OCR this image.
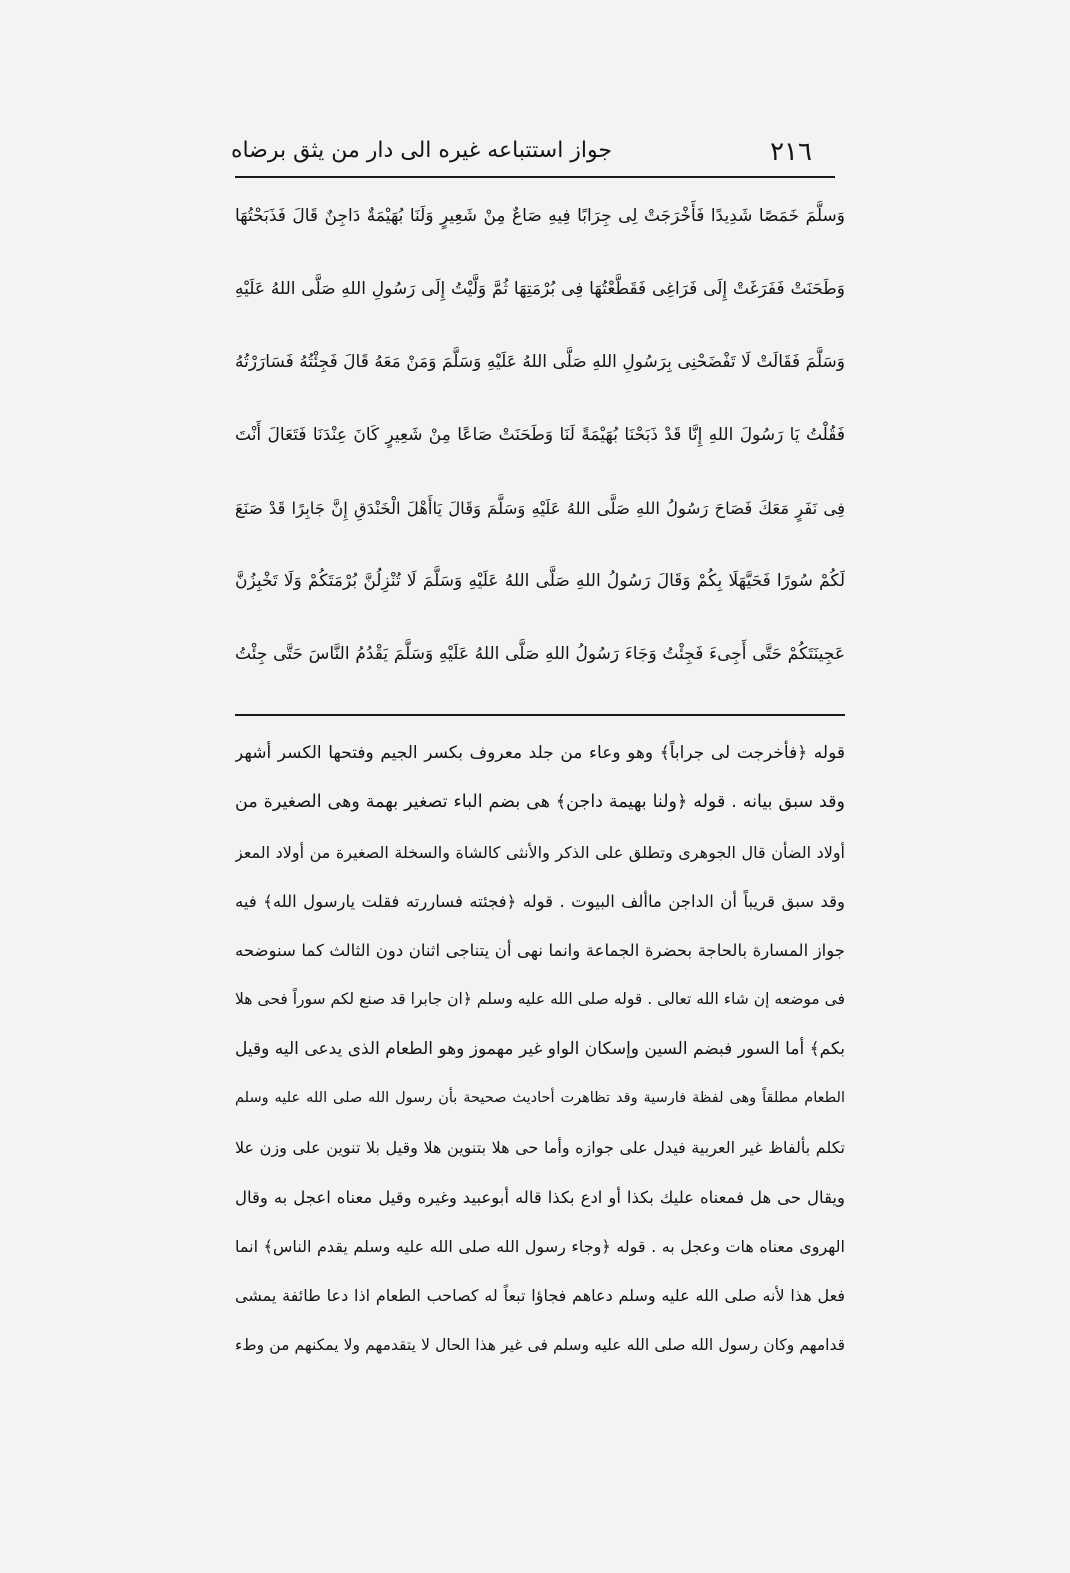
٢١٦
جواز استتباعه غيره الى دار من يثق برضاه
وَسلَّمَ خَمَصًا شَدِيدًا فَأَخْرَجَتْ لِى جِرَابًا فِيهِ صَاعٌ مِنْ شَعِيرٍ وَلَنَا بُهَيْمَةٌ دَاجِنٌ قَالَ فَذَبَحْتُهَا
وَطَحَنَتْ فَفَرَغَتْ إِلَى فَرَاغِى فَقَطَّعْتُهَا فِى بُرْمَتِهَا ثُمَّ وَلَّيْتُ إِلَى رَسُولِ اللهِ صَلَّى اللهُ عَلَيْهِ
وَسَلَّمَ فَقَالَتْ لَا تَفْضَحْنِى بِرَسُولِ اللهِ صَلَّى اللهُ عَلَيْهِ وَسَلَّمَ وَمَنْ مَعَهُ قَالَ فَجِئْتُهُ فَسَارَرْتُهُ
فَقُلْتُ يَا رَسُولَ اللهِ إِنَّا قَدْ ذَبَحْنَا بُهَيْمَةً لَنَا وَطَحَنَتْ صَاعًا مِنْ شَعِيرٍ كَانَ عِنْدَنَا فَتَعَالَ أَنْتَ
فِى نَفَرٍ مَعَكَ فَصَاحَ رَسُولُ اللهِ صَلَّى اللهُ عَلَيْهِ وَسَلَّمَ وَقَالَ يَاأَهْلَ الْخَنْدَقِ إِنَّ جَابِرًا قَدْ صَنَعَ
لَكُمْ سُورًا فَحَيَّهَلَا بِكُمْ وَقَالَ رَسُولُ اللهِ صَلَّى اللهُ عَلَيْهِ وَسَلَّمَ لَا تُنْزِلُنَّ بُرْمَتَكُمْ وَلَا تَخْبِزُنَّ
عَجِينَتَكُمْ حَتَّى أَجِىءَ فَجِئْتُ وَجَاءَ رَسُولُ اللهِ صَلَّى اللهُ عَلَيْهِ وَسَلَّمَ يَقْدُمُ النَّاسَ حَتَّى جِئْتُ
قوله ﴿فأخرجت لى جراباً﴾ وهو وعاء من جلد معروف بكسر الجيم وفتحها الكسر أشهر
وقد سبق بيانه . قوله ﴿ولنا بهيمة داجن﴾ هى بضم الباء تصغير بهمة وهى الصغيرة من
أولاد الضأن قال الجوهرى وتطلق على الذكر والأنثى كالشاة والسخلة الصغيرة من أولاد المعز
وقد سبق قريباً أن الداجن ماألف البيوت . قوله ﴿فجئته فساررته فقلت يارسول الله﴾ فيه
جواز المسارة بالحاجة بحضرة الجماعة وانما نهى أن يتناجى اثنان دون الثالث كما سنوضحه
فى موضعه إن شاء الله تعالى . قوله صلى الله عليه وسلم ﴿ان جابرا قد صنع لكم سوراً فحى هلا
بكم﴾ أما السور فبضم السين وإسكان الواو غير مهموز وهو الطعام الذى يدعى اليه وقيل
الطعام مطلقاً وهى لفظة فارسية وقد تظاهرت أحاديث صحيحة بأن رسول الله صلى الله عليه وسلم
تكلم بألفاظ غير العربية فيدل على جوازه وأما حى هلا بتنوين هلا وقيل بلا تنوين على وزن علا
ويقال حى هل فمعناه عليك بكذا أو ادع بكذا قاله أبوعبيد وغيره وقيل معناه اعجل به وقال
الهروى معناه هات وعجل به . قوله ﴿وجاء رسول الله صلى الله عليه وسلم يقدم الناس﴾ انما
فعل هذا لأنه صلى الله عليه وسلم دعاهم فجاؤا تبعاً له كصاحب الطعام اذا دعا طائفة يمشى
قدامهم وكان رسول الله صلى الله عليه وسلم فى غير هذا الحال لا يتقدمهم ولا يمكنهم من وطء
